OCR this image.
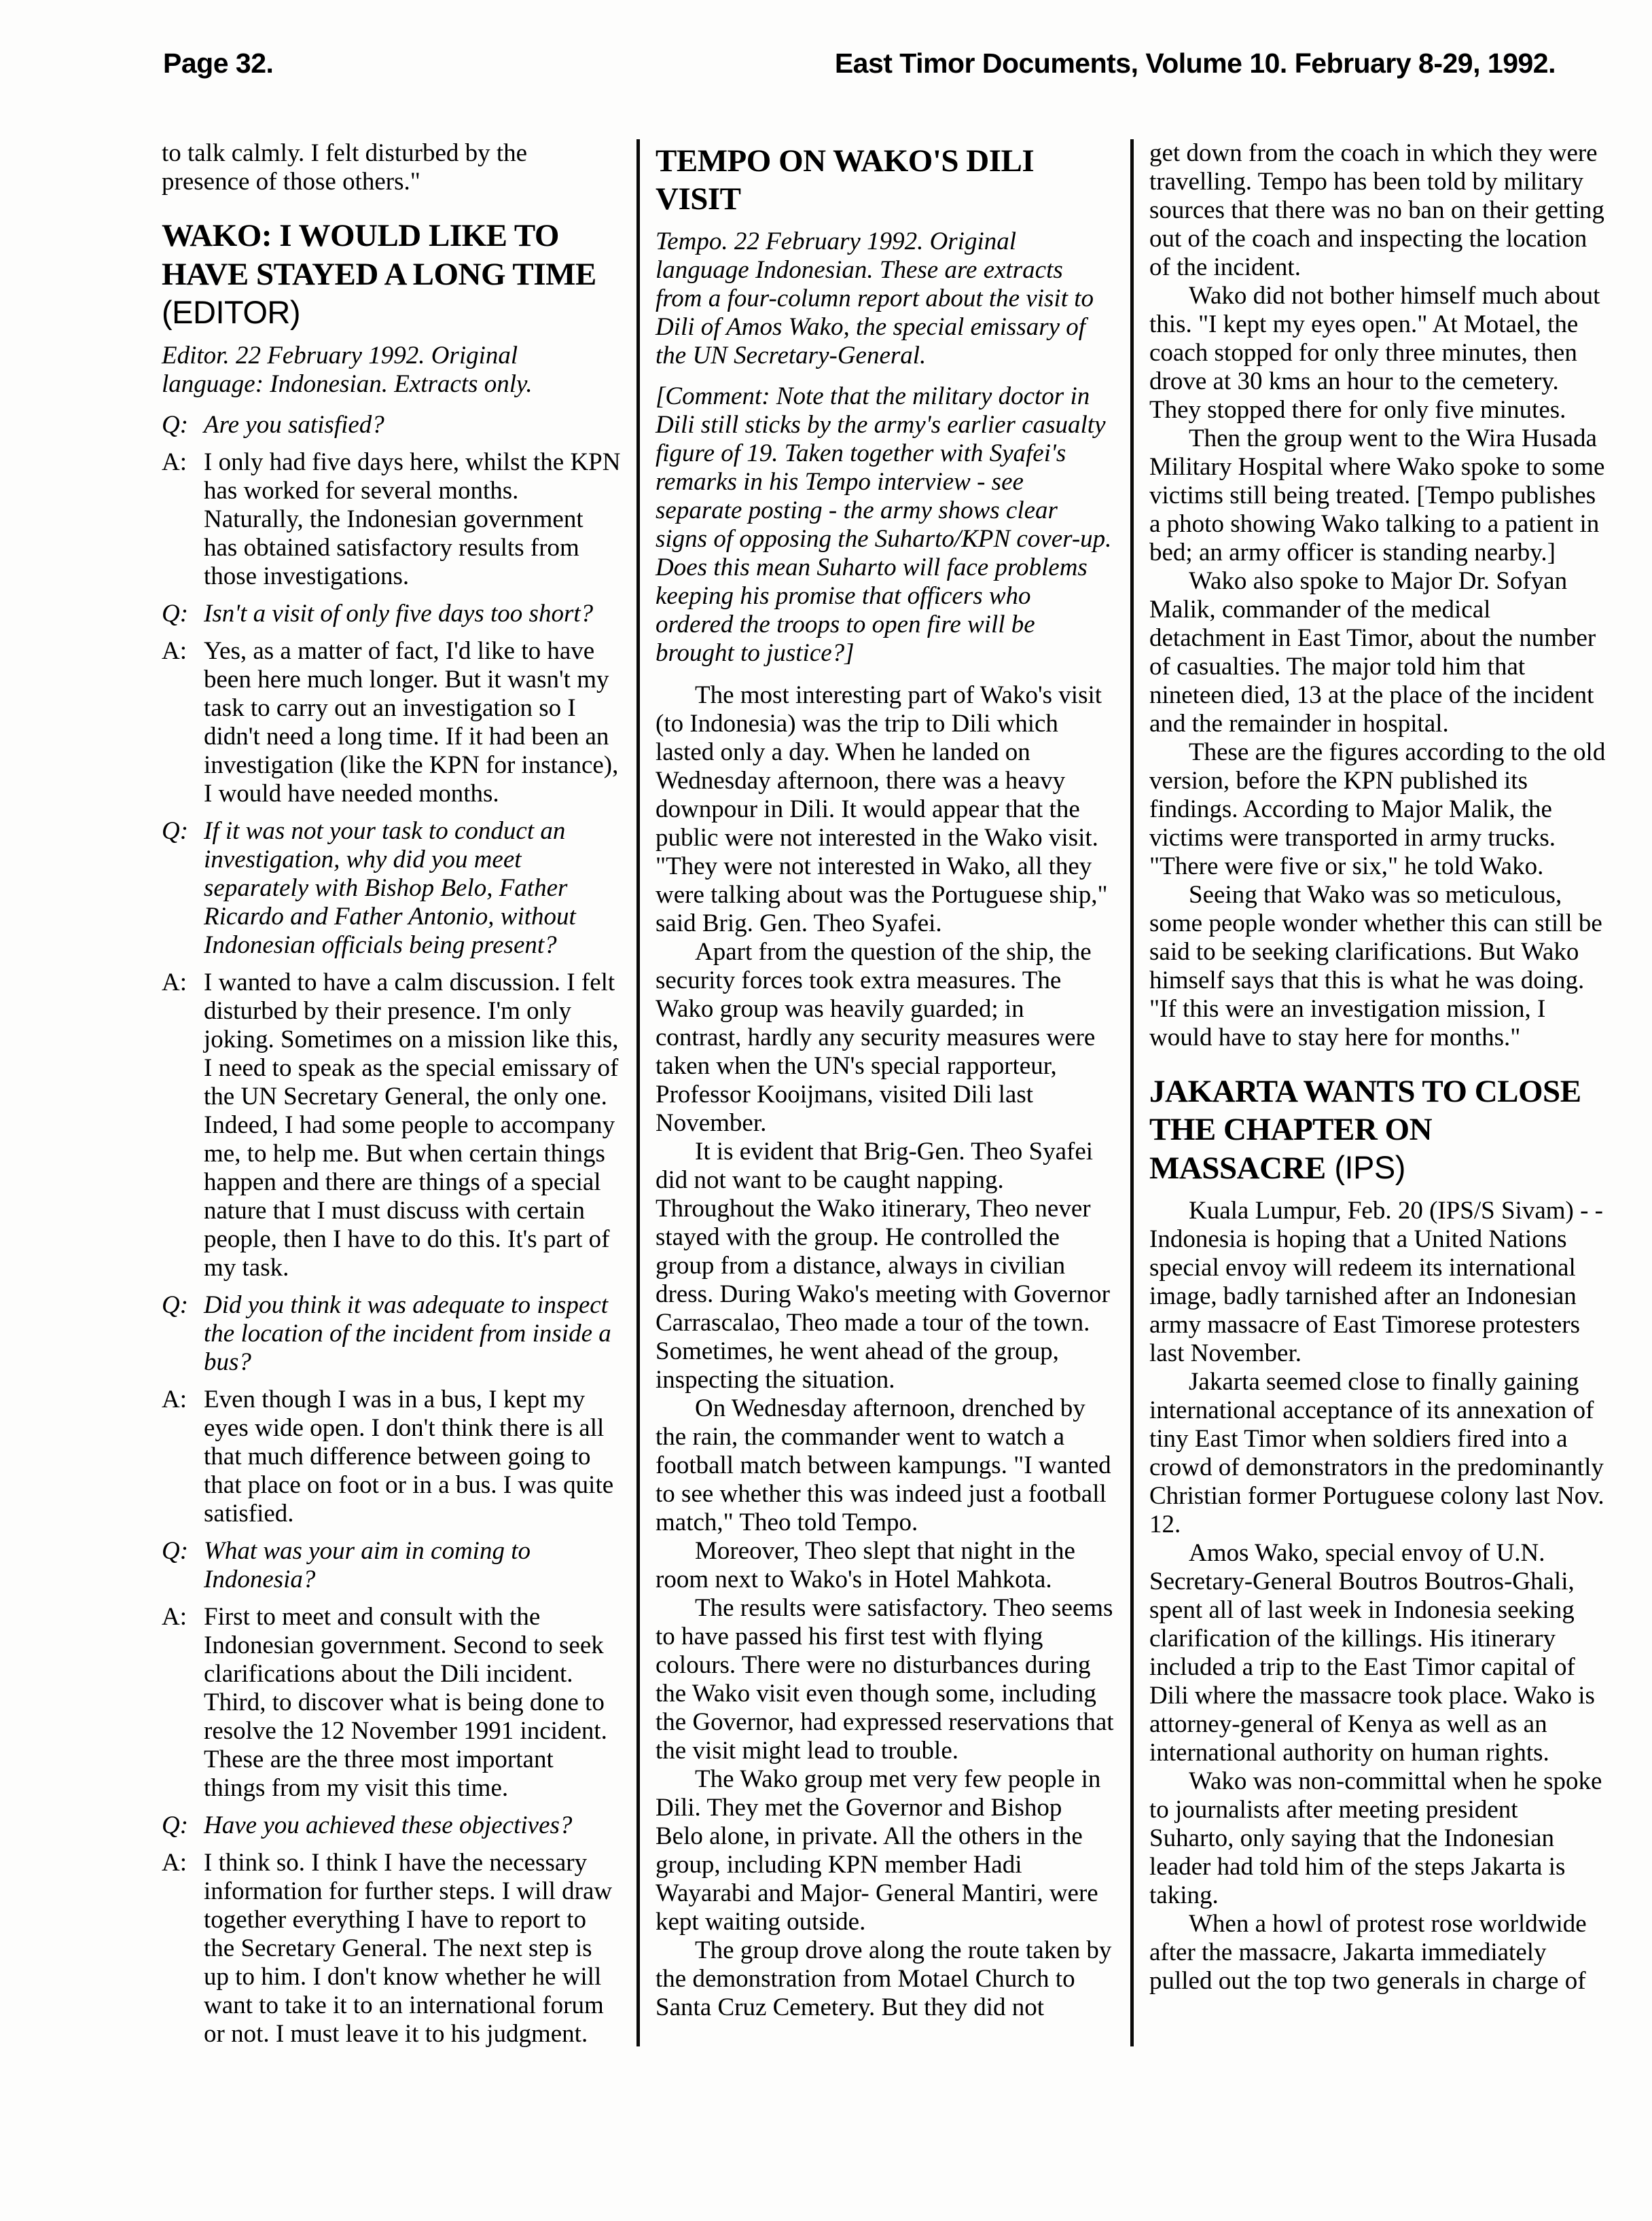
Page 32.	East Timor Documents, Volume 10. February 8-29, 1992.

to talk calmly. I felt disturbed by the presence of those others."

WAKO: I WOULD LIKE TO HAVE STAYED A LONG TIME (EDITOR)

Editor. 22 February 1992. Original language: Indonesian. Extracts only.

Q: Are you satisfied?
A: I only had five days here, whilst the KPN has worked for several months. Naturally, the Indonesian government has obtained satisfactory results from those investigations.
Q: Isn't a visit of only five days too short?
A: Yes, as a matter of fact, I'd like to have been here much longer. But it wasn't my task to carry out an investigation so I didn't need a long time. If it had been an investigation (like the KPN for instance), I would have needed months.
Q: If it was not your task to conduct an investigation, why did you meet separately with Bishop Belo, Father Ricardo and Father Antonio, without Indonesian officials being present?
A: I wanted to have a calm discussion. I felt disturbed by their presence. I'm only joking. Sometimes on a mission like this, I need to speak as the special emissary of the UN Secretary General, the only one. Indeed, I had some people to accompany me, to help me. But when certain things happen and there are things of a special nature that I must discuss with certain people, then I have to do this. It's part of my task.
Q: Did you think it was adequate to inspect the location of the incident from inside a bus?
A: Even though I was in a bus, I kept my eyes wide open. I don't think there is all that much difference between going to that place on foot or in a bus. I was quite satisfied.
Q: What was your aim in coming to Indonesia?
A: First to meet and consult with the Indonesian government. Second to seek clarifications about the Dili incident. Third, to discover what is being done to resolve the 12 November 1991 incident. These are the three most important things from my visit this time.
Q: Have you achieved these objectives?
A: I think so. I think I have the necessary information for further steps. I will draw together everything I have to report to the Secretary General. The next step is up to him. I don't know whether he will want to take it to an international forum or not. I must leave it to his judgment.
TEMPO ON WAKO'S DILI VISIT

Tempo. 22 February 1992. Original language Indonesian. These are extracts from a four-column report about the visit to Dili of Amos Wako, the special emissary of the UN Secretary-General.

[Comment: Note that the military doctor in Dili still sticks by the army's earlier casualty figure of 19. Taken together with Syafei's remarks in his Tempo interview - see separate posting - the army shows clear signs of opposing the Suharto/KPN cover-up. Does this mean Suharto will face problems keeping his promise that officers who ordered the troops to open fire will be brought to justice?]

The most interesting part of Wako's visit (to Indonesia) was the trip to Dili which lasted only a day. When he landed on Wednesday afternoon, there was a heavy downpour in Dili. It would appear that the public were not interested in the Wako visit. "They were not interested in Wako, all they were talking about was the Portuguese ship," said Brig. Gen. Theo Syafei.

Apart from the question of the ship, the security forces took extra measures. The Wako group was heavily guarded; in contrast, hardly any security measures were taken when the UN's special rapporteur, Professor Kooijmans, visited Dili last November.

It is evident that Brig-Gen. Theo Syafei did not want to be caught napping. Throughout the Wako itinerary, Theo never stayed with the group. He controlled the group from a distance, always in civilian dress. During Wako's meeting with Governor Carrascalao, Theo made a tour of the town. Sometimes, he went ahead of the group, inspecting the situation.

On Wednesday afternoon, drenched by the rain, the commander went to watch a football match between kampungs. "I wanted to see whether this was indeed just a football match," Theo told Tempo.

Moreover, Theo slept that night in the room next to Wako's in Hotel Mahkota.

The results were satisfactory. Theo seems to have passed his first test with flying colours. There were no disturbances during the Wako visit even though some, including the Governor, had expressed reservations that the visit might lead to trouble.

The Wako group met very few people in Dili. They met the Governor and Bishop Belo alone, in private. All the others in the group, including KPN member Hadi Wayarabi and Major- General Mantiri, were kept waiting outside.

The group drove along the route taken by the demonstration from Motael Church to Santa Cruz Cemetery. But they did not

get down from the coach in which they were travelling. Tempo has been told by military sources that there was no ban on their getting out of the coach and inspecting the location of the incident.

Wako did not bother himself much about this. "I kept my eyes open." At Motael, the coach stopped for only three minutes, then drove at 30 kms an hour to the cemetery. They stopped there for only five minutes.

Then the group went to the Wira Husada Military Hospital where Wako spoke to some victims still being treated. [Tempo publishes a photo showing Wako talking to a patient in bed; an army officer is standing nearby.]

Wako also spoke to Major Dr. Sofyan Malik, commander of the medical detachment in East Timor, about the number of casualties. The major told him that nineteen died, 13 at the place of the incident and the remainder in hospital.

These are the figures according to the old version, before the KPN published its findings. According to Major Malik, the victims were transported in army trucks. "There were five or six," he told Wako.

Seeing that Wako was so meticulous, some people wonder whether this can still be said to be seeking clarifications. But Wako himself says that this is what he was doing. "If this were an investigation mission, I would have to stay here for months."

JAKARTA WANTS TO CLOSE THE CHAPTER ON MASSACRE (IPS)

Kuala Lumpur, Feb. 20 (IPS/S Sivam) - - Indonesia is hoping that a United Nations special envoy will redeem its international image, badly tarnished after an Indonesian army massacre of East Timorese protesters last November.

Jakarta seemed close to finally gaining international acceptance of its annexation of tiny East Timor when soldiers fired into a crowd of demonstrators in the predominantly Christian former Portuguese colony last Nov. 12.

Amos Wako, special envoy of U.N. Secretary-General Boutros Boutros-Ghali, spent all of last week in Indonesia seeking clarification of the killings. His itinerary included a trip to the East Timor capital of Dili where the massacre took place. Wako is attorney-general of Kenya as well as an international authority on human rights.

Wako was non-committal when he spoke to journalists after meeting president Suharto, only saying that the Indonesian leader had told him of the steps Jakarta is taking.

When a howl of protest rose worldwide after the massacre, Jakarta immediately pulled out the top two generals in charge of
